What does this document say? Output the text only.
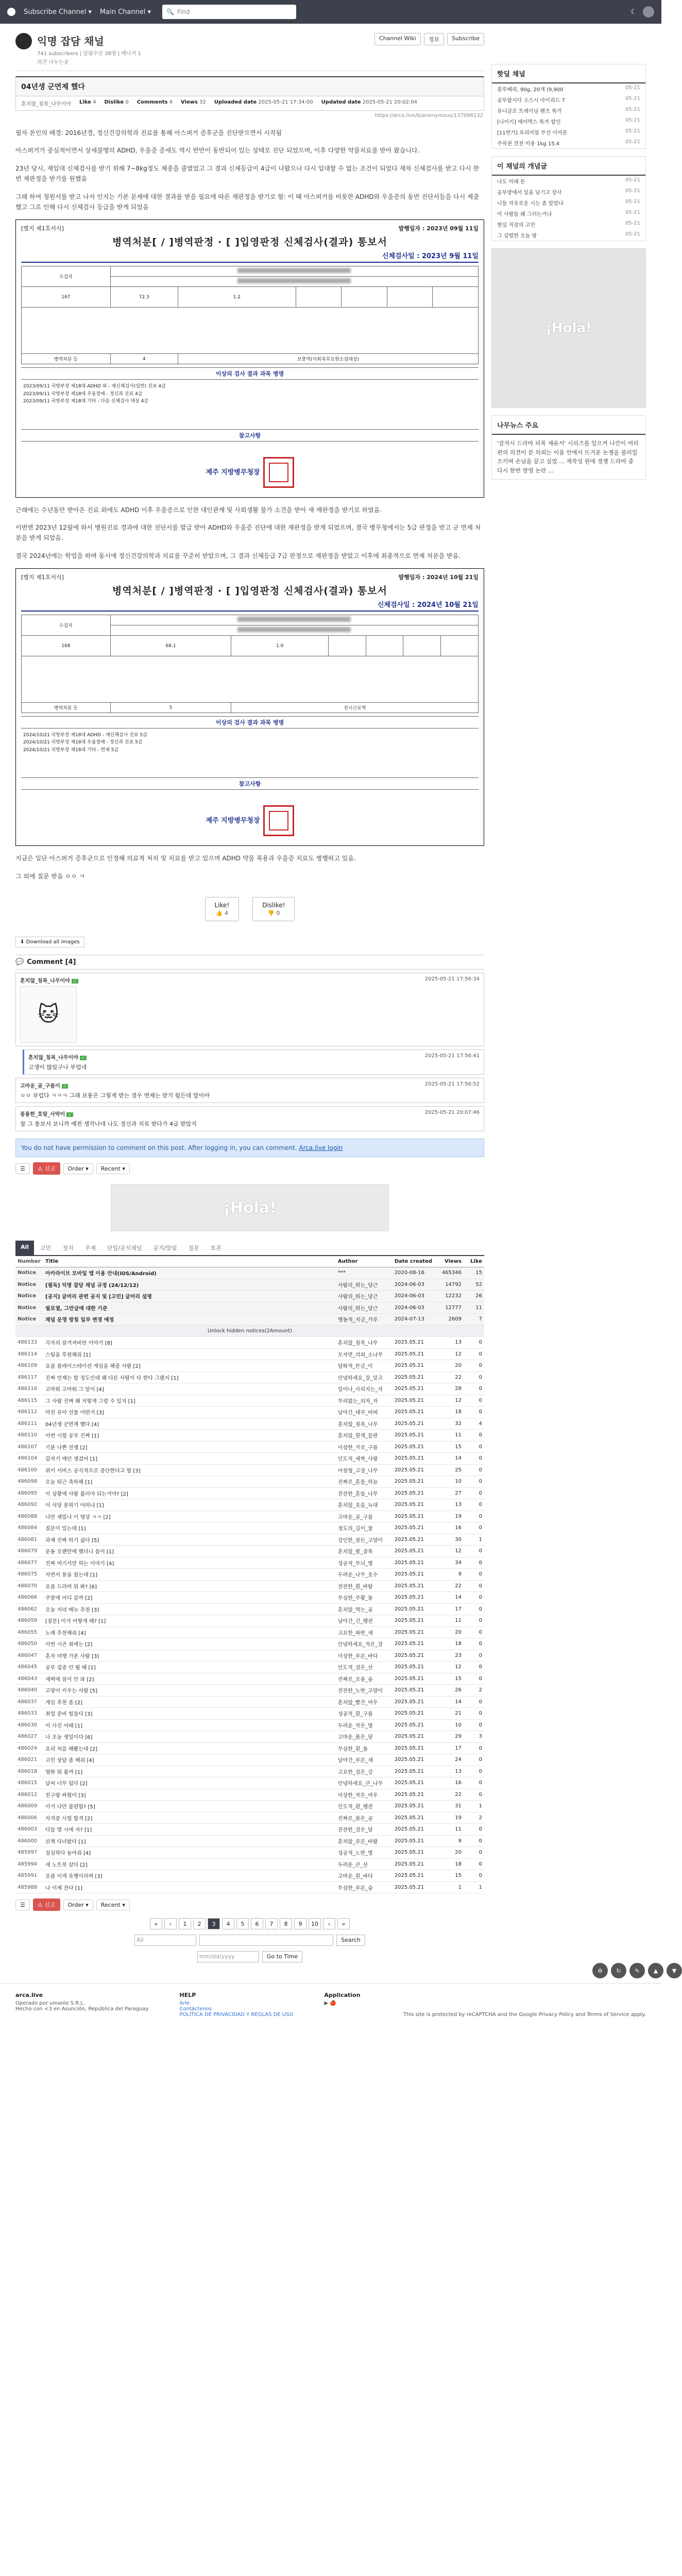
Subscribe Channel ▾ Main Channel ▾	🔍 Find	☾
익명 잡담 채널
741 subscribers | 알림수신 38명 | 매니저 1
의견 나누는곳
Channel Wiki	정보	Subscribe
04년생 군면제 했다
흔치않_침목_나무이야 Like 4 Dislike 0 Comments 4 Views 32 Uploaded date 2025-05-21 17:34:00 Updated date 2025-05-21 20:02:04
https://arca.live/b/anonymous/137096132

필자 본인의 배경: 2016년경, 정신건강의학과 진료를 통해 아스퍼거 증후군을 진단받으면서 시작됨

아스퍼거가 중심적이면서 상세불명의 ADHD, 우울증 증세도 역시 반반이 동반되어 있는 상태로 진단 되었으며, 이후 다양한 약물치료를 받아 왔습니다.

23년 당시, 재입대 신체검사를 받기 위해 7~8kg정도 체중을 줄였었고 그 결과 신체등급이 4급이 나왔으나 다시 입대할 수 없는 조건이 되었다 재차 신체검사를 받고 다시 한 번 재판정을 받기를 원했음

그래 하여 청원서를 받고 나서 인지는 기본 문제에 대한 결과를 받을 필요에 따른 재판정을 받기로 함: 이 때 아스퍼거를 비롯한 ADHD와 우울증의 동반 진단서들을 다시 제출했고 그로 인해 다시 신체검사 등급을 받게 되었음

[별지 제1호서식]	발행일자 : 2023년 09월 11일
병역처분[ / ]병역판정 · [ ]입영판정 신체검사(결과) 통보서
신체검사일 : 2023년 9월 11일
수검자						

167	72.3	1.2				

병역처분 등	4	보충역(사회복무요원소집대상)				
이상의 검사 결과 과목 병명
2023/09/11 국방부장 제18대 ADHD 외 - 재신체검사(일반) 진료 4급
2023/09/11 국방부장 제18대 우울장애 - 정신과 진료 4급
2023/09/11 국방부장 제18대 기타 - 다음 신체검사 대상 4급
참고사항
제주 지방병무청장

근래에는 수년동안 받아온 진료 외에도 ADHD 이후 우울증으로 인한 대인관계 및 사회생활 불가 소견을 받아 새 재판정을 받기로 하였음.

이번엔 2023년 12월에 와서 병원진료 경과에 대한 진단서를 발급 받아 ADHD와 우울증 진단에 대한 재판정을 받게 되었으며, 결국 병무청에서는 5급 판정을 받고 군 면제 처분을 받게 되었음.

결국 2024년에는 학업을 하며 동시에 정신건강의학과 치료를 꾸준히 받았으며, 그 결과 신체등급 7급 판정으로 재판정을 받았고 이후에 최종적으로 면제 처분을 받음.

[별지 제1호서식]	발행일자 : 2024년 10월 21일
병역처분[ / ]병역판정 · [ ]입영판정 신체검사(결과) 통보서
신체검사일 : 2024년 10월 21일
수검자						

168	68.1	1.0				

병역처분 등	5	전시근로역				
이상의 검사 결과 과목 병명
2024/10/21 국방부장 제18대 ADHD - 재신체검사 진료 5급
2024/10/21 국방부장 제18대 우울장애 - 정신과 진료 5급
2024/10/21 국방부장 제18대 기타 - 면제 5급
참고사항
제주 지방병무청장

지금은 일단 아스퍼거 증후군으로 인정해 의료적 처치 및 치료를 받고 있으며 ADHD 약물 복용과 우울증 치료도 병행하고 있음.

그 외에 질문 받음 ㅇㅇ ㅋ

Like!
👍 4
Dislike!
👎 0
⬇ Download all images
💬 Comment [4]
흔치않_침목_나무이야 ✓	2025-05-21 17:56:34
🐱
흔치않_침목_나무이야 ✓	2025-05-21 17:56:41
고생이 많았구나 부럽네
고마운_곰_구름이 ✓	2025-05-21 17:56:52
ㅇㅇ 부럽다 ㅋㅋㅋ 그래 보통은 그렇게 받는 경우 면제는 받기 힘든데 말이야
몽룡한_호랑_사막이 ✓	2025-05-21 20:07:46
참 그 통보서 보니까 예전 생각나네 나도 정신과 치료 받다가 4급 받았지
You do not have permission to comment on this post. After logging in, you can comment. Arca.live login
☰	⚠ 신고	Order ▾	Recent ▾
¡Hola!
All	고민	정치	주제	단일/공식채널	공지/알림	질문	토론
Number	Title	Author	Date created	Views	Like
Notice	아카라이브 모바일 앱 이용 안내(iOS/Android)	***	2020-08-16	465346	15
Notice	[필독] 익명 잡담 채널 규정 (24/12/12)	사람의_뛰는_당근	2024-06-03	14792	52
Notice	[공지] 글머리 관련 공지 및 [고민] 글머리 설명	사람의_뛰는_당근	2024-06-03	12232	26
Notice	필로열, 그만글에 대한 기준	사람의_뛰는_당근	2024-06-03	12777	11
Notice	채널 운영 방침 일부 변경 예정	행동적_지금_가루	2024-07-13	2609	7
Unlock hidden notices(2Amount)					
486133	각자의 잠겨져버린 이야기 [8]	흔치않_침목_나무	2025.05.21	13	0
486114	스팀을 후원해줘 [1]	모자면_의외_소나무	2025.05.21	12	0
486109	요즘 플레이스테이션 게임을 해줄 사람 [2]	담화적_뜬금_이	2025.05.21	20	0
486117	진짜 언제는 할 정도인데 왜 다른 사람이 다 한다 그랬지 [1]	안녕하세요_잘_알고	2025.05.21	22	0
486116	고마워 고마워 그 알이 [4]	일어나_사리지는_자	2025.05.21	28	0
486115	그 사람 진짜 왜 저렇게 그럴 수 있지 [1]	무리없는_의자_자	2025.05.21	12	0
486112	미친 유아 선물 어떤거 [3]	날아간_대꾸_비버	2025.05.21	18	0
486111	04년생 군면제 했다 [4]	흔치않_침목_나무	2025.05.21	32	4
486110	이번 시험 공부 진짜 [1]	흔치않_흰색_들판	2025.05.21	11	0
486107	기분 나쁜 전쟁 [2]	이상한_가로_구름	2025.05.21	15	0
486104	갑자기 애인 생겼어 [1]	인도적_새싹_사랑	2025.05.21	14	0
486100	위키 서비스 공식적으로 중단한다고 함 [3]	아침형_고장_나무	2025.05.21	25	0
486098	오늘 퇴근 축하해 [1]	진짜로_흔들_하늘	2025.05.21	10	0
486095	이 상황에 사람 불러야 되는거야? [2]	잔잔한_흔들_나무	2025.05.21	27	0
486092	이 식당 분위기 어떠냐 [1]	흔치않_웃음_늑대	2025.05.21	13	0
486088	나만 재밌나 이 영상 ㅋㅋ [2]	고마운_곰_구름	2025.05.21	19	0
486084	질문이 있는데 [1]	정도의_길이_물	2025.05.21	16	0
486081	과제 진짜 하기 싫다 [5]	강인한_잠든_고양이	2025.05.21	30	1
486079	운동 오랜만에 했더니 몸이 [1]	흔치않_밤_골목	2025.05.21	12	0
486077	진짜 여기서만 하는 이야기 [4]	성공적_무늬_별	2025.05.21	34	0
486075	자면서 꿈을 꿨는데 [1]	두려운_나무_호수	2025.05.21	9	0
486070	요즘 드라마 뭐 봐? [6]	잔잔한_흰_바람	2025.05.21	22	0
486066	주말에 어디 갈까 [2]	무심한_주황_돌	2025.05.21	14	0
486062	오늘 저녁 메뉴 추천 [3]	흔치않_먹는_곰	2025.05.21	17	0
486059	[질문] 이거 어떻게 해? [1]	날아간_긴_펭귄	2025.05.21	11	0
486055	노래 추천해줘 [4]	고요한_파란_새	2025.05.21	20	0
486050	이번 시즌 최애는 [2]	안녕하세요_작은_강	2025.05.21	18	0
486047	혼자 여행 가본 사람 [3]	이상한_푸른_바다	2025.05.21	23	0
486045	공부 집중 안 될 때 [1]	인도적_검은_산	2025.05.21	12	0
486043	새벽에 잠이 안 와 [2]	진짜로_조용_숲	2025.05.21	15	0
486040	고양이 키우는 사람 [5]	잔잔한_노란_고양이	2025.05.21	26	2
486037	게임 추천 좀 [2]	흔치않_빨간_여우	2025.05.21	14	0
486033	취업 준비 힘들다 [3]	성공적_흰_구름	2025.05.21	21	0
486030	이 사진 어때 [1]	두려운_작은_별	2025.05.21	10	0
486027	나 오늘 생일이다 [6]	고마운_붉은_달	2025.05.21	29	3
486024	요리 처음 해봤는데 [2]	무심한_흰_돌	2025.05.21	17	0
486021	고민 상담 좀 해줘 [4]	날아간_푸른_새	2025.05.21	24	0
486018	영화 뭐 볼까 [1]	고요한_검은_강	2025.05.21	13	0
486015	날씨 너무 덥다 [2]	안녕하세요_큰_나무	2025.05.21	16	0
486012	친구랑 싸웠어 [3]	이상한_작은_여우	2025.05.21	22	0
486009	이거 나만 불편함? [5]	인도적_흰_펭귄	2025.05.21	31	1
486006	자격증 시험 합격 [2]	진짜로_붉은_곰	2025.05.21	19	2
486003	다들 몇 시에 자? [1]	잔잔한_검은_달	2025.05.21	11	0
486000	산책 다녀왔다 [1]	흔치않_푸른_바람	2025.05.21	9	0
485997	심심하다 놀아줘 [4]	성공적_노란_별	2025.05.21	20	0
485994	새 노트북 샀다 [2]	두려운_큰_산	2025.05.21	18	0
485991	요즘 이게 유행이라며 [3]	고마운_흰_바다	2025.05.21	15	0
485988	나 이제 잔다 [1]	무심한_푸른_숲	2025.05.21	1	1
☰	⚠ 신고	Order ▾	Recent ▾
«	‹	1	2	3	4	5	6	7	8	9	10	›	»
All	Search
mm/dd/yyyy	Go to Time
핫딜 채널
블루베리, 90g, 20개 (9,900	05-21
공부합시다 소스시 아이리드 7	05-21
유니클로 트레이닝 팬츠 특가	05-21
[나이키] 에어맥스 특가 할인	05-21
[11번가] 프리미엄 무선 이어폰	05-21
주차권 전천 미용 1kg 15,4	05-21
이 채널의 개념글
나도 미래 돈	05-21
공부방에서 일을 넘기고 장사	05-21
니들 자유로운 시는 좀 알았냐	05-21
이 사람들 왜 그러는거냐	05-21
현실 직장의 고민	05-21
그 강렬한 오늘 밤	05-21
¡Hola!
나무뉴스 주요
'감자시 드라마 피폭 재유서' 시리즈를 일으켜 나간이 여러 편의 의견이 분 의뢰는 이름 안에서 뜨거운 논쟁을 불러일으키며 손님을 끌고 싶었 ... 재작성 원에 경쟁 드라마 중 다시 한번 방영 논란 ...
⚙	↻	✎	▲	▼
arca.live
Operado por umanle S.R.L.
Hecho con <3 en Asunción, República del Paraguay
HELP
Arle
Contáctenos
POLÍTICA DE PRIVACIDAD Y REGLAS DE USO
Application
▶ 🍎
This site is protected by reCAPTCHA and the Google Privacy Policy and Terms of Service apply.
